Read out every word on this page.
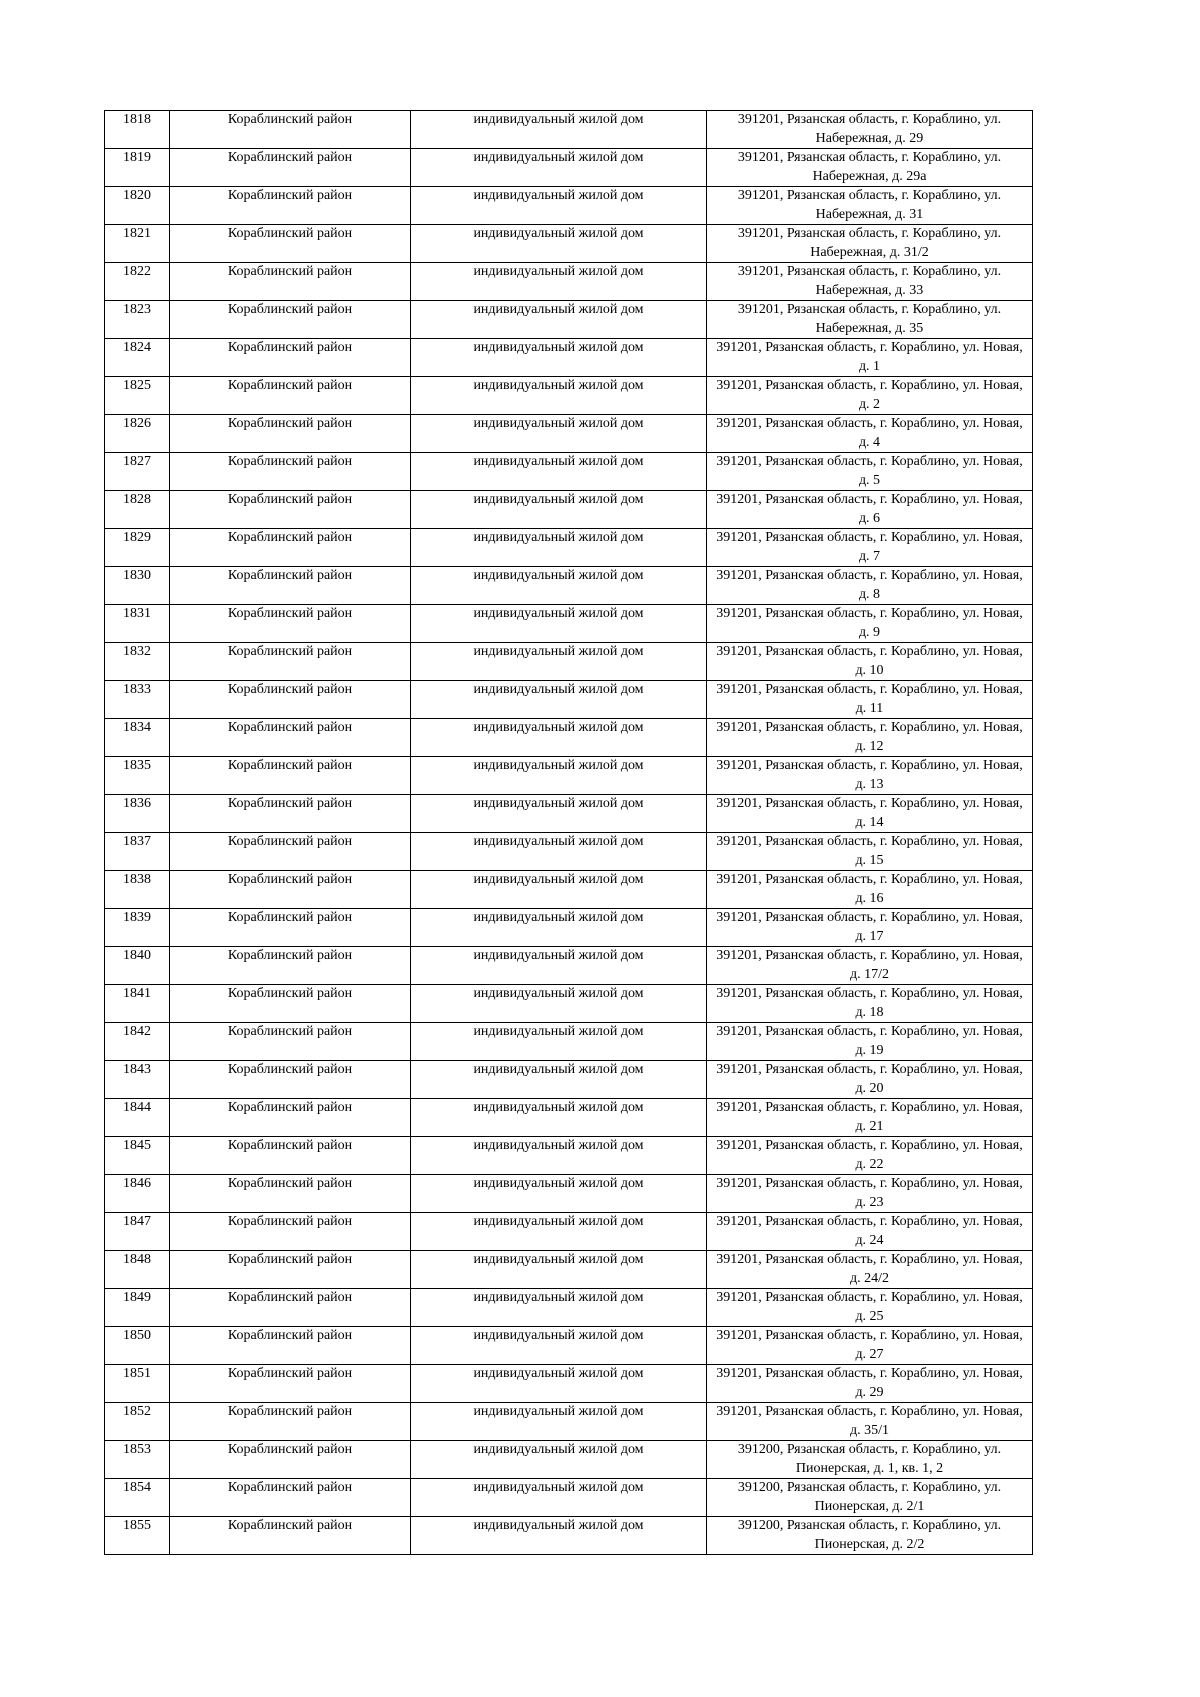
1818	Кораблинский район	индивидуальный жилой дом	391201, Рязанская область, г. Кораблино, ул. Набережная, д. 29
1819	Кораблинский район	индивидуальный жилой дом	391201, Рязанская область, г. Кораблино, ул. Набережная, д. 29а
1820	Кораблинский район	индивидуальный жилой дом	391201, Рязанская область, г. Кораблино, ул. Набережная, д. 31
1821	Кораблинский район	индивидуальный жилой дом	391201, Рязанская область, г. Кораблино, ул. Набережная, д. 31/2
1822	Кораблинский район	индивидуальный жилой дом	391201, Рязанская область, г. Кораблино, ул. Набережная, д. 33
1823	Кораблинский район	индивидуальный жилой дом	391201, Рязанская область, г. Кораблино, ул. Набережная, д. 35
1824	Кораблинский район	индивидуальный жилой дом	391201, Рязанская область, г. Кораблино, ул. Новая, д. 1
1825	Кораблинский район	индивидуальный жилой дом	391201, Рязанская область, г. Кораблино, ул. Новая, д. 2
1826	Кораблинский район	индивидуальный жилой дом	391201, Рязанская область, г. Кораблино, ул. Новая, д. 4
1827	Кораблинский район	индивидуальный жилой дом	391201, Рязанская область, г. Кораблино, ул. Новая, д. 5
1828	Кораблинский район	индивидуальный жилой дом	391201, Рязанская область, г. Кораблино, ул. Новая, д. 6
1829	Кораблинский район	индивидуальный жилой дом	391201, Рязанская область, г. Кораблино, ул. Новая, д. 7
1830	Кораблинский район	индивидуальный жилой дом	391201, Рязанская область, г. Кораблино, ул. Новая, д. 8
1831	Кораблинский район	индивидуальный жилой дом	391201, Рязанская область, г. Кораблино, ул. Новая, д. 9
1832	Кораблинский район	индивидуальный жилой дом	391201, Рязанская область, г. Кораблино, ул. Новая, д. 10
1833	Кораблинский район	индивидуальный жилой дом	391201, Рязанская область, г. Кораблино, ул. Новая, д. 11
1834	Кораблинский район	индивидуальный жилой дом	391201, Рязанская область, г. Кораблино, ул. Новая, д. 12
1835	Кораблинский район	индивидуальный жилой дом	391201, Рязанская область, г. Кораблино, ул. Новая, д. 13
1836	Кораблинский район	индивидуальный жилой дом	391201, Рязанская область, г. Кораблино, ул. Новая, д. 14
1837	Кораблинский район	индивидуальный жилой дом	391201, Рязанская область, г. Кораблино, ул. Новая, д. 15
1838	Кораблинский район	индивидуальный жилой дом	391201, Рязанская область, г. Кораблино, ул. Новая, д. 16
1839	Кораблинский район	индивидуальный жилой дом	391201, Рязанская область, г. Кораблино, ул. Новая, д. 17
1840	Кораблинский район	индивидуальный жилой дом	391201, Рязанская область, г. Кораблино, ул. Новая, д. 17/2
1841	Кораблинский район	индивидуальный жилой дом	391201, Рязанская область, г. Кораблино, ул. Новая, д. 18
1842	Кораблинский район	индивидуальный жилой дом	391201, Рязанская область, г. Кораблино, ул. Новая, д. 19
1843	Кораблинский район	индивидуальный жилой дом	391201, Рязанская область, г. Кораблино, ул. Новая, д. 20
1844	Кораблинский район	индивидуальный жилой дом	391201, Рязанская область, г. Кораблино, ул. Новая, д. 21
1845	Кораблинский район	индивидуальный жилой дом	391201, Рязанская область, г. Кораблино, ул. Новая, д. 22
1846	Кораблинский район	индивидуальный жилой дом	391201, Рязанская область, г. Кораблино, ул. Новая, д. 23
1847	Кораблинский район	индивидуальный жилой дом	391201, Рязанская область, г. Кораблино, ул. Новая, д. 24
1848	Кораблинский район	индивидуальный жилой дом	391201, Рязанская область, г. Кораблино, ул. Новая, д. 24/2
1849	Кораблинский район	индивидуальный жилой дом	391201, Рязанская область, г. Кораблино, ул. Новая, д. 25
1850	Кораблинский район	индивидуальный жилой дом	391201, Рязанская область, г. Кораблино, ул. Новая, д. 27
1851	Кораблинский район	индивидуальный жилой дом	391201, Рязанская область, г. Кораблино, ул. Новая, д. 29
1852	Кораблинский район	индивидуальный жилой дом	391201, Рязанская область, г. Кораблино, ул. Новая, д. 35/1
1853	Кораблинский район	индивидуальный жилой дом	391200, Рязанская область, г. Кораблино, ул. Пионерская, д. 1, кв. 1, 2
1854	Кораблинский район	индивидуальный жилой дом	391200, Рязанская область, г. Кораблино, ул. Пионерская, д. 2/1
1855	Кораблинский район	индивидуальный жилой дом	391200, Рязанская область, г. Кораблино, ул. Пионерская, д. 2/2
